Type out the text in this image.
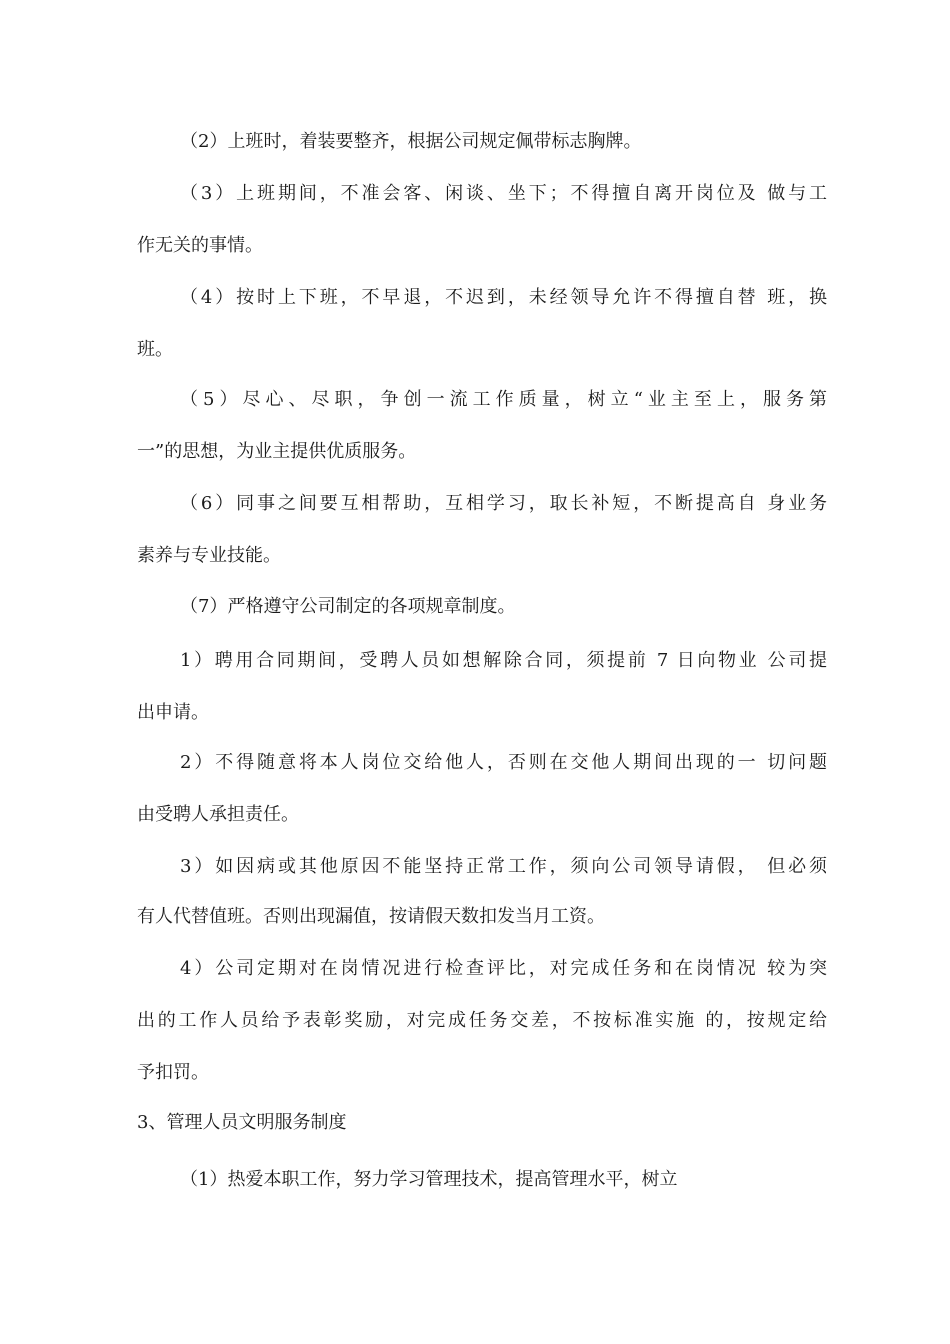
（2）上班时，着装要整齐，根据公司规定佩带标志胸牌。
（3）上班期间，不准会客、闲谈、坐下；不得擅自离开岗位及 做与工
作无关的事情。
（4）按时上下班，不早退，不迟到，未经领导允许不得擅自替 班，换
班。
（5）尽心、尽职，争创一流工作质量，树立“业主至上，服务第
一”的思想，为业主提供优质服务。
（6）同事之间要互相帮助，互相学习，取长补短，不断提高自 身业务
素养与专业技能。
（7）严格遵守公司制定的各项规章制度。
1）聘用合同期间，受聘人员如想解除合同，须提前 7 日向物业 公司提
出申请。
2）不得随意将本人岗位交给他人，否则在交他人期间出现的一 切问题
由受聘人承担责任。
3）如因病或其他原因不能坚持正常工作，须向公司领导请假， 但必须
有人代替值班。否则出现漏值，按请假天数扣发当月工资。
4）公司定期对在岗情况进行检查评比，对完成任务和在岗情况 较为突
出的工作人员给予表彰奖励，对完成任务交差，不按标准实施 的，按规定给
予扣罚。
3、管理人员文明服务制度
（1）热爱本职工作，努力学习管理技术，提高管理水平，树立
